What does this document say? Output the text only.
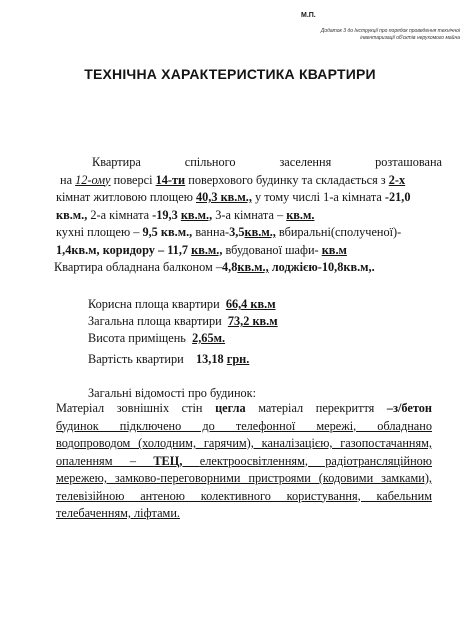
М.П.
Додаток 3 до Інструкції про порядок проведення технічної
інвентаризації об'єктів нерухомого майна
ТЕХНІЧНА ХАРАКТЕРИСТИКА КВАРТИРИ
Квартира	спільного	заселення	розташована
на 12-ому поверсі 14-ти поверхового будинку та складається з 2-х
кімнат житловою площею 40,3 кв.м., у тому числі 1-а кімната -21,0
кв.м., 2-а кімната -19,3 кв.м., 3-а кімната – кв.м.
кухні площею – 9,5 кв.м., ванна-3,5кв.м., вбиральні(сполученої)-
1,4кв.м, коридору – 11,7 кв.м., вбудованої шафи- кв.м
Квартира обладнана балконом –4,8кв.м., лоджією-10,8кв.м,.
Корисна площа квартири 66,4 кв.м
Загальна площа квартири 73,2 кв.м
Висота приміщень 2,65м.
Вартість квартири 13,18 грн.
Загальні відомості про будинок:
Матеріал зовнішніх стін цегла матеріал перекриття –з/бетон
будинок підключено до телефонної мережі, обладнано
водопроводом (холодним, гарячим), каналізацією, газопостачанням,
опаленням – ТЕЦ, електроосвітленням, радіотрансляційною
мережею, замково-переговорними пристроями (кодовими замками),
телевізійною антеною колективного користування, кабельним
телебаченням, ліфтами.
